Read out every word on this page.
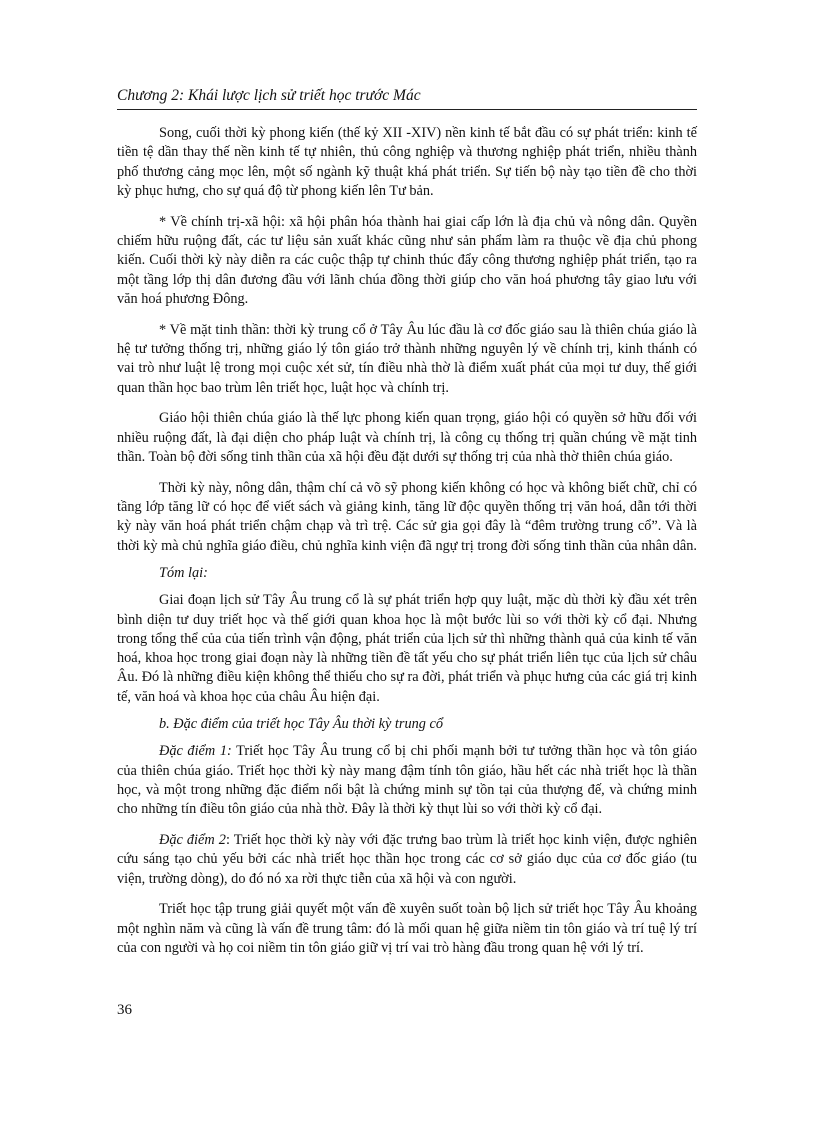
Chương 2: Khái lược lịch sử triết học trước Mác

Song, cuối thời kỳ phong kiến (thế kỷ XII -XIV) nền kinh tế bắt đầu có sự phát triển: kinh tế tiền tệ dần thay thế nền kinh tế tự nhiên, thủ công nghiệp và thương nghiệp phát triển, nhiều thành phố thương cảng mọc lên, một số ngành kỹ thuật khá phát triển. Sự tiến bộ này tạo tiền đề cho thời kỳ phục hưng, cho sự quá độ từ phong kiến lên Tư bản.

* Về chính trị-xã hội: xã hội phân hóa thành hai giai cấp lớn là địa chủ và nông dân. Quyền chiếm hữu ruộng đất, các tư liệu sản xuất khác cũng như sản phẩm làm ra thuộc về địa chủ phong kiến. Cuối thời kỳ này diễn ra các cuộc thập tự chinh thúc đẩy công thương nghiệp phát triển, tạo ra một tầng lớp thị dân đương đầu với lãnh chúa đồng thời giúp cho văn hoá phương tây giao lưu với văn hoá phương Đông.

* Về mặt tinh thần: thời kỳ trung cổ ở Tây Âu lúc đầu là cơ đốc giáo sau là thiên chúa giáo là hệ tư tưởng thống trị, những giáo lý tôn giáo trở thành những nguyên lý về chính trị, kinh thánh có vai trò như luật lệ trong mọi cuộc xét sử, tín điều nhà thờ là điểm xuất phát của mọi tư duy, thế giới quan thần học bao trùm lên triết học, luật học và chính trị.

Giáo hội thiên chúa giáo là thế lực phong kiến quan trọng, giáo hội có quyền sở hữu đối với nhiều ruộng đất, là đại diện cho pháp luật và chính trị, là công cụ thống trị quần chúng về mặt tinh thần. Toàn bộ đời sống tinh thần của xã hội đều đặt dưới sự thống trị của nhà thờ thiên chúa giáo.

Thời kỳ này, nông dân, thậm chí cả võ sỹ phong kiến không có học và không biết chữ, chỉ có tầng lớp tăng lữ có học để viết sách và giảng kinh, tăng lữ độc quyền thống trị văn hoá, dẫn tới thời kỳ này văn hoá phát triển chậm chạp và trì trệ. Các sử gia gọi đây là “đêm trường trung cổ”. Và là thời kỳ mà chủ nghĩa giáo điều, chủ nghĩa kinh viện đã ngự trị trong đời sống tinh thần của nhân dân.

Tóm lại:

Giai đoạn lịch sử Tây Âu trung cổ là sự phát triển hợp quy luật, mặc dù thời kỳ đầu xét trên bình diện tư duy triết học và thế giới quan khoa học là một bước lùi so với thời kỳ cổ đại. Nhưng trong tổng thể của của tiến trình vận động, phát triển của lịch sử thì những thành quả của kinh tế văn hoá, khoa học trong giai đoạn này là những tiền đề tất yếu cho sự phát triển liên tục của lịch sử châu Âu. Đó là những điều kiện không thể thiếu cho sự ra đời, phát triển và phục hưng của các giá trị kinh tế, văn hoá và khoa học của châu Âu hiện đại.

b. Đặc điểm của triết học Tây Âu thời kỳ trung cổ

Đặc điểm 1: Triết học Tây Âu trung cổ bị chi phối mạnh bởi tư tưởng thần học và tôn giáo của thiên chúa giáo. Triết học thời kỳ này mang đậm tính tôn giáo, hầu hết các nhà triết học là thần học, và một trong những đặc điểm nổi bật là chứng minh sự tồn tại của thượng đế, và chứng minh cho những tín điều tôn giáo của nhà thờ. Đây là thời kỳ thụt lùi so với thời kỳ cổ đại.

Đặc điểm 2: Triết học thời kỳ này với đặc trưng bao trùm là triết học kinh viện, được nghiên cứu sáng tạo chủ yếu bởi các nhà triết học thần học trong các cơ sở giáo dục của cơ đốc giáo (tu viện, trường dòng), do đó nó xa rời thực tiễn của xã hội và con người.

Triết học tập trung giải quyết một vấn đề xuyên suốt toàn bộ lịch sử triết học Tây Âu khoảng một nghìn năm và cũng là vấn đề trung tâm: đó là mối quan hệ giữa niềm tin tôn giáo và trí tuệ lý trí của con người và họ coi niềm tin tôn giáo giữ vị trí vai trò hàng đầu trong quan hệ với lý trí.

36
